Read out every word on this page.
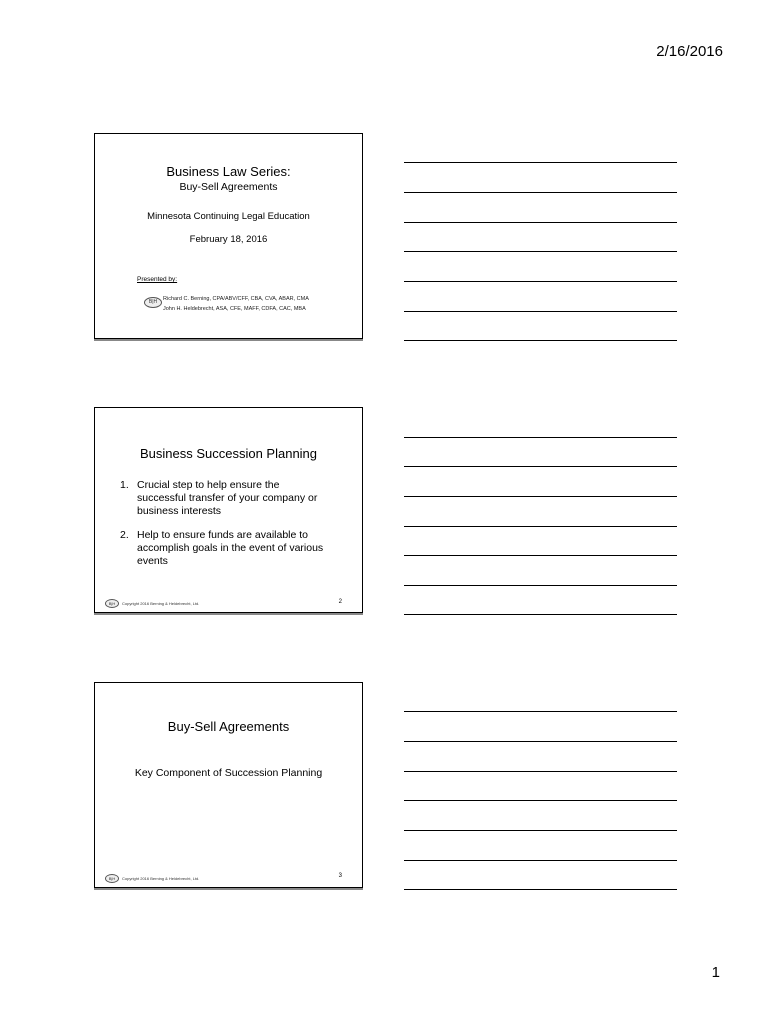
2/16/2016
Business Law Series:
Buy-Sell Agreements
Minnesota Continuing Legal Education
February 18, 2016
Presented by:
B|H	Richard C. Berning, CPA/ABV/CFF, CBA, CVA, ABAR, CMA
John H. Heldebrecht, ASA, CFE, MAFF, CDFA, CAC, MBA
Business Succession Planning
1. Crucial step to help ensure the successful transfer of your company or business interests
2. Help to ensure funds are available to accomplish goals in the event of various events
B|H	Copyright 2016 Berning & Heldebrecht, Ltd.	2
Buy-Sell Agreements
Key Component of Succession Planning
B|H	Copyright 2016 Berning & Heldebrecht, Ltd.	3
1
